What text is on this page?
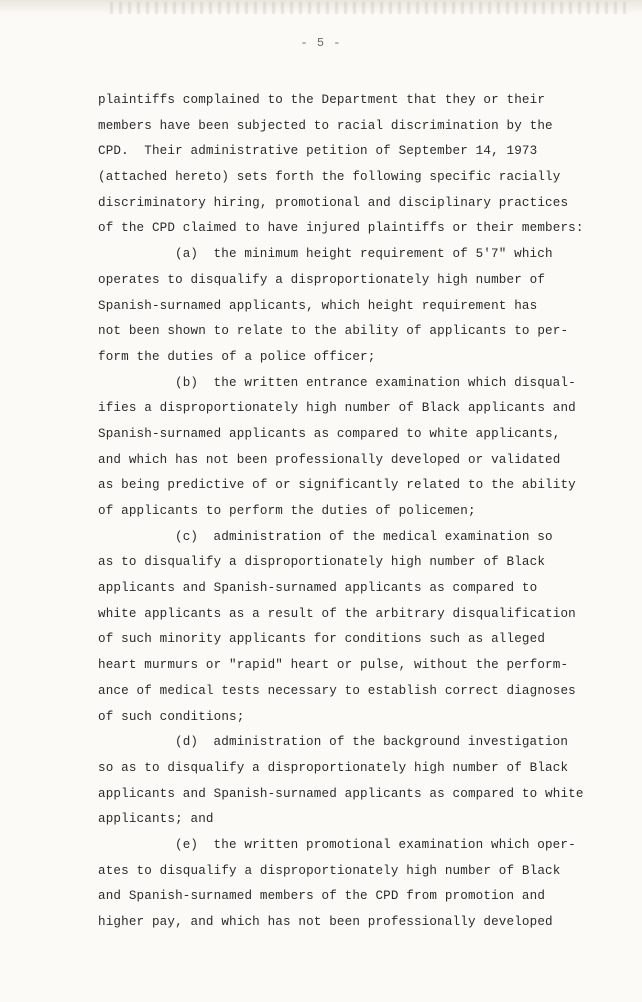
- 5 -
plaintiffs complained to the Department that they or their
members have been subjected to racial discrimination by the
CPD.  Their administrative petition of September 14, 1973
(attached hereto) sets forth the following specific racially
discriminatory hiring, promotional and disciplinary practices
of the CPD claimed to have injured plaintiffs or their members:
(a)  the minimum height requirement of 5'7" which
operates to disqualify a disproportionately high number of
Spanish-surnamed applicants, which height requirement has
not been shown to relate to the ability of applicants to per-
form the duties of a police officer;
(b)  the written entrance examination which disqual-
ifies a disproportionately high number of Black applicants and
Spanish-surnamed applicants as compared to white applicants,
and which has not been professionally developed or validated
as being predictive of or significantly related to the ability
of applicants to perform the duties of policemen;
(c)  administration of the medical examination so
as to disqualify a disproportionately high number of Black
applicants and Spanish-surnamed applicants as compared to
white applicants as a result of the arbitrary disqualification
of such minority applicants for conditions such as alleged
heart murmurs or "rapid" heart or pulse, without the perform-
ance of medical tests necessary to establish correct diagnoses
of such conditions;
(d)  administration of the background investigation
so as to disqualify a disproportionately high number of Black
applicants and Spanish-surnamed applicants as compared to white
applicants; and
(e)  the written promotional examination which oper-
ates to disqualify a disproportionately high number of Black
and Spanish-surnamed members of the CPD from promotion and
higher pay, and which has not been professionally developed
